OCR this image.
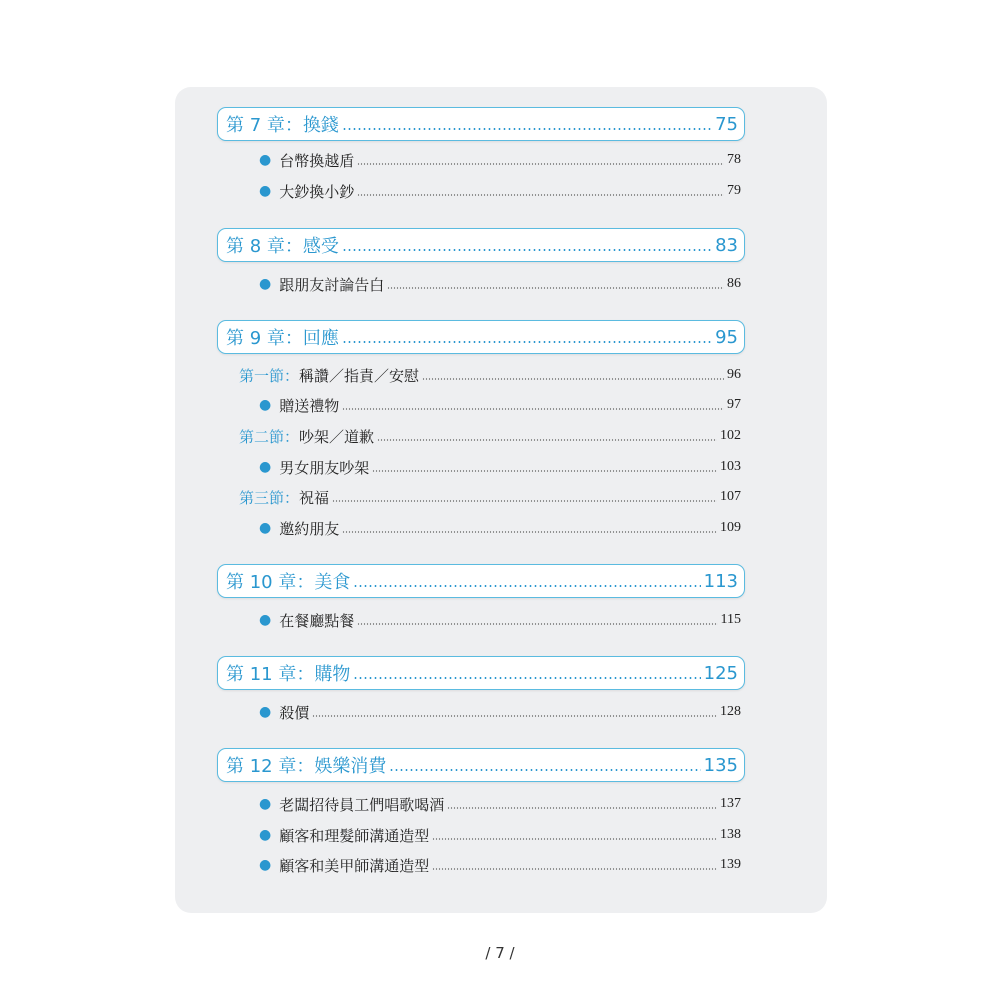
第 7 章：換錢	75
● 台幣換越盾	78
● 大鈔換小鈔	79
第 8 章：感受	83
● 跟朋友討論告白	86
第 9 章：回應	95
第一節： 稱讚／指責／安慰	96
● 贈送禮物	97
第二節： 吵架／道歉	102
● 男女朋友吵架	103
第三節： 祝福	107
● 邀約朋友	109
第 10 章：美食	113
● 在餐廳點餐	115
第 11 章：購物	125
● 殺價	128
第 12 章：娛樂消費	135
● 老闆招待員工們唱歌喝酒	137
● 顧客和理髮師溝通造型	138
● 顧客和美甲師溝通造型	139
/ 7 /
